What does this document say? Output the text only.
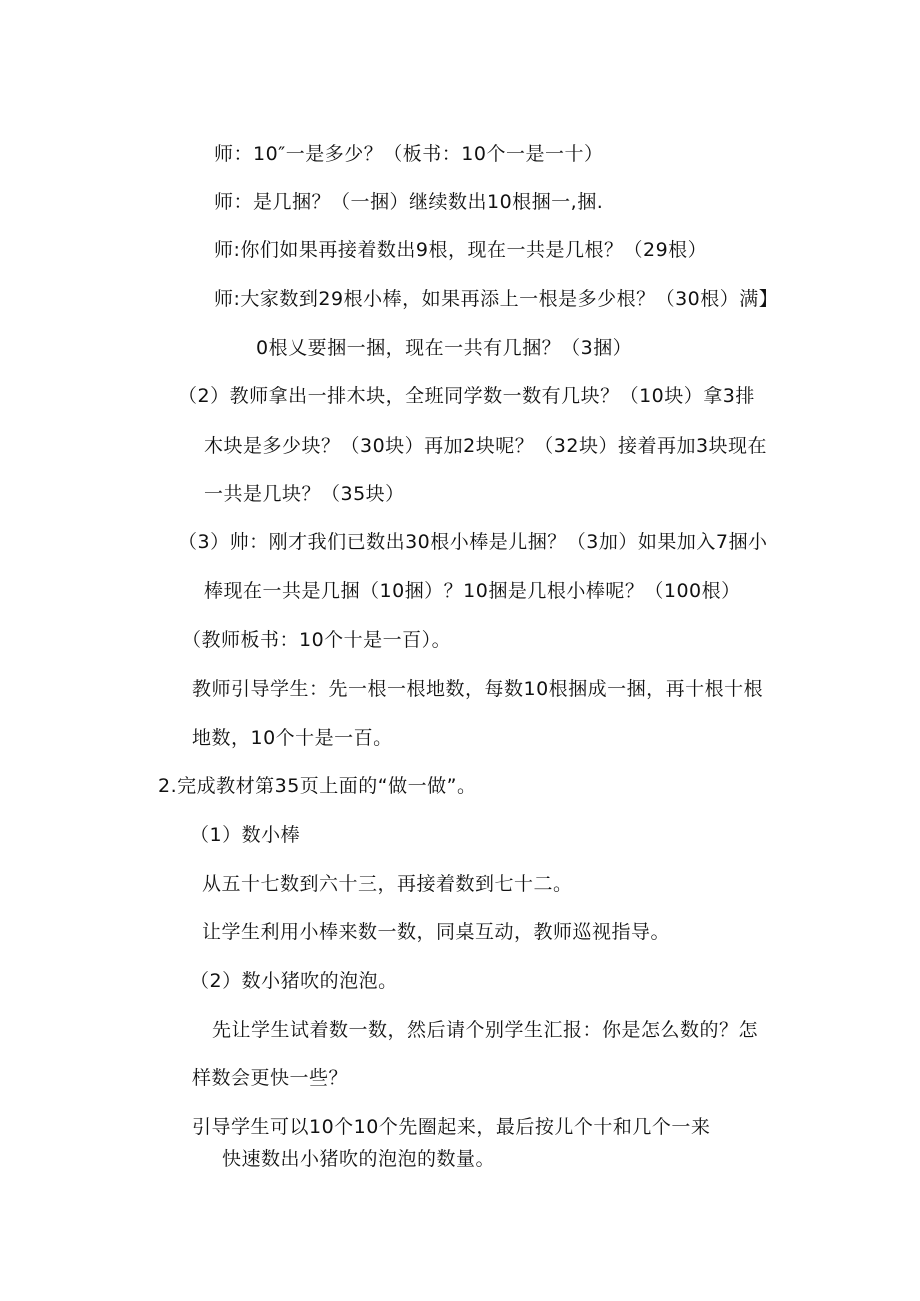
师：10″一是多少？（板书：10个一是一十）
师：是几捆？（一捆）继续数出10根捆一,捆.
师:你们如果再接着数出9根，现在一共是几根？（29根）
师:大家数到29根小棒，如果再添上一根是多少根？（30根）满】
0根乂要捆一捆，现在一共有几捆？（3捆）
（2）教师拿出一排木块，全班同学数一数有几块？（10块）拿3排
木块是多少块？（30块）再加2块呢？（32块）接着再加3块现在
一共是几块？（35块）
（3）帅：刚才我们已数出30根小棒是儿捆？（3加）如果加入7捆小
棒现在一共是几捆（10捆）？10捆是几根小棒呢？（100根）
（教师板书：10个十是一百）。
教师引导学生：先一根一根地数，每数10根捆成一捆，再十根十根
地数，10个十是一百。
2.完成教材第35页上面的“做一做”。
（1）数小棒
从五十七数到六十三，再接着数到七十二。
让学生利用小棒来数一数，同桌互动，教师巡视指导。
（2）数小猪吹的泡泡。
先让学生试着数一数，然后请个别学生汇报：你是怎么数的？怎
样数会更快一些？
引导学生可以10个10个先圈起来，最后按儿个十和几个一来
快速数出小猪吹的泡泡的数量。
